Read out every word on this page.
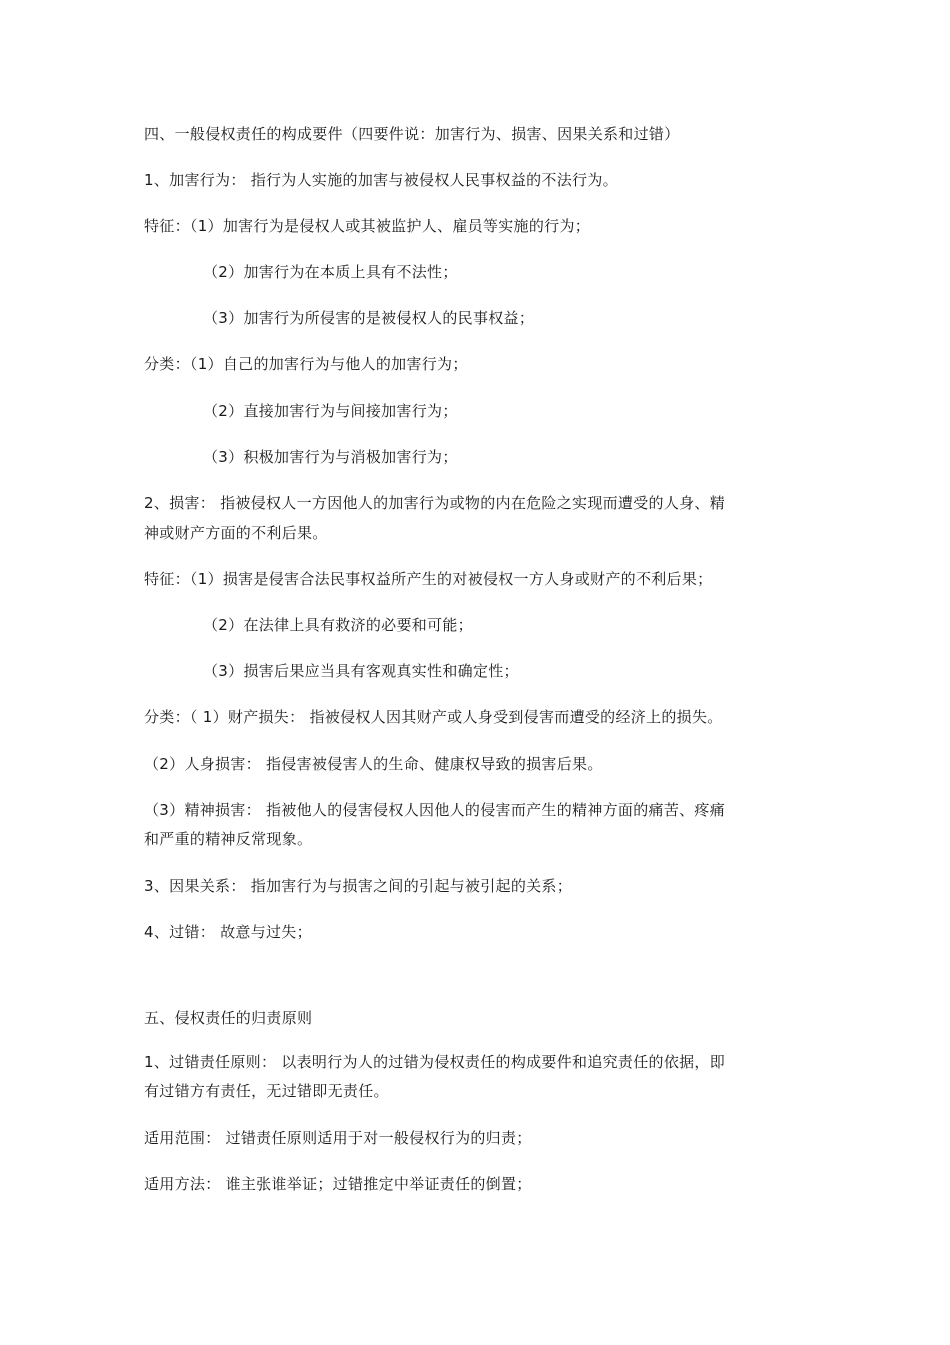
四、一般侵权责任的构成要件（四要件说：加害行为、损害、因果关系和过错）
1、加害行为： 指行为人实施的加害与被侵权人民事权益的不法行为。
特征：（1）加害行为是侵权人或其被监护人、雇员等实施的行为；
（2）加害行为在本质上具有不法性；
（3）加害行为所侵害的是被侵权人的民事权益；
分类：（1）自己的加害行为与他人的加害行为；
（2）直接加害行为与间接加害行为；
（3）积极加害行为与消极加害行为；
2、损害： 指被侵权人一方因他人的加害行为或物的内在危险之实现而遭受的人身、精
神或财产方面的不利后果。
特征：（1）损害是侵害合法民事权益所产生的对被侵权一方人身或财产的不利后果；
（2）在法律上具有救济的必要和可能；
（3）损害后果应当具有客观真实性和确定性；
分类：（ 1）财产损失： 指被侵权人因其财产或人身受到侵害而遭受的经济上的损失。
（2）人身损害： 指侵害被侵害人的生命、健康权导致的损害后果。
（3）精神损害： 指被他人的侵害侵权人因他人的侵害而产生的精神方面的痛苦、疼痛
和严重的精神反常现象。
3、因果关系： 指加害行为与损害之间的引起与被引起的关系；
4、过错： 故意与过失；
五、侵权责任的归责原则
1、过错责任原则： 以表明行为人的过错为侵权责任的构成要件和追究责任的依据，即
有过错方有责任，无过错即无责任。
适用范围： 过错责任原则适用于对一般侵权行为的归责；
适用方法： 谁主张谁举证；过错推定中举证责任的倒置；
